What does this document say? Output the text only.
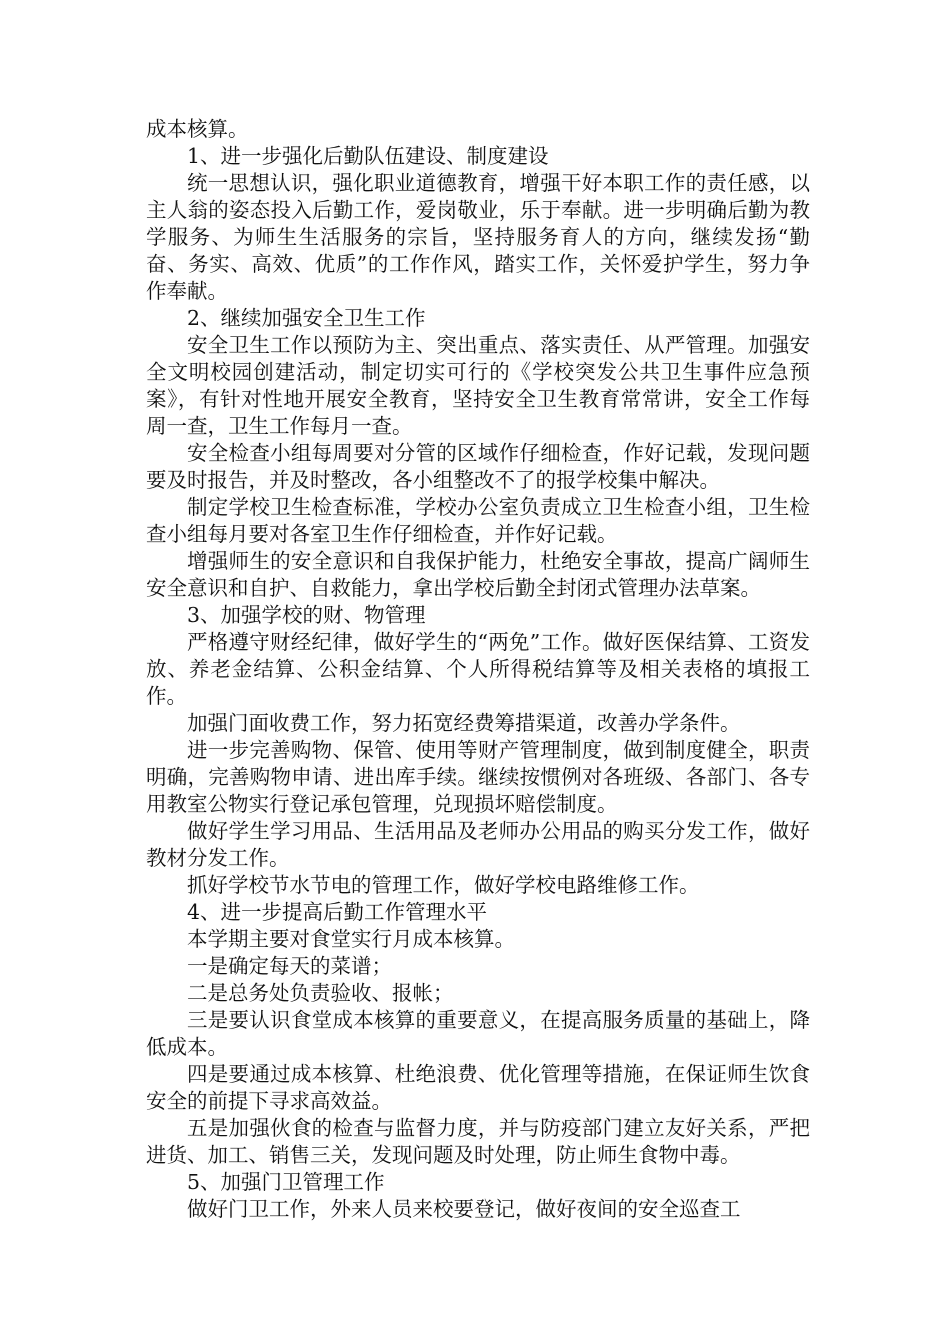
成本核算。

1、进一步强化后勤队伍建设、制度建设

统一思想认识，强化职业道德教育，增强干好本职工作的责任感，以主人翁的姿态投入后勤工作，爱岗敬业，乐于奉献。进一步明确后勤为教学服务、为师生生活服务的宗旨，坚持服务育人的方向，继续发扬“勤奋、务实、高效、优质”的工作作风，踏实工作，关怀爱护学生，努力争作奉献。

2、继续加强安全卫生工作

安全卫生工作以预防为主、突出重点、落实责任、从严管理。加强安全文明校园创建活动，制定切实可行的《学校突发公共卫生事件应急预案》，有针对性地开展安全教育，坚持安全卫生教育常常讲，安全工作每周一查，卫生工作每月一查。

安全检查小组每周要对分管的区域作仔细检查，作好记载，发现问题要及时报告，并及时整改，各小组整改不了的报学校集中解决。

制定学校卫生检查标准，学校办公室负责成立卫生检查小组，卫生检查小组每月要对各室卫生作仔细检查，并作好记载。

增强师生的安全意识和自我保护能力，杜绝安全事故，提高广阔师生安全意识和自护、自救能力，拿出学校后勤全封闭式管理办法草案。

3、加强学校的财、物管理

严格遵守财经纪律，做好学生的“两免”工作。做好医保结算、工资发放、养老金结算、公积金结算、个人所得税结算等及相关表格的填报工作。

加强门面收费工作，努力拓宽经费筹措渠道，改善办学条件。

进一步完善购物、保管、使用等财产管理制度，做到制度健全，职责明确，完善购物申请、进出库手续。继续按惯例对各班级、各部门、各专用教室公物实行登记承包管理，兑现损坏赔偿制度。

做好学生学习用品、生活用品及老师办公用品的购买分发工作，做好教材分发工作。

抓好学校节水节电的管理工作，做好学校电路维修工作。

4、进一步提高后勤工作管理水平

本学期主要对食堂实行月成本核算。

一是确定每天的菜谱；

二是总务处负责验收、报帐；

三是要认识食堂成本核算的重要意义，在提高服务质量的基础上，降低成本。

四是要通过成本核算、杜绝浪费、优化管理等措施，在保证师生饮食安全的前提下寻求高效益。

五是加强伙食的检查与监督力度，并与防疫部门建立友好关系，严把进货、加工、销售三关，发现问题及时处理，防止师生食物中毒。

5、加强门卫管理工作

做好门卫工作，外来人员来校要登记，做好夜间的安全巡查工
